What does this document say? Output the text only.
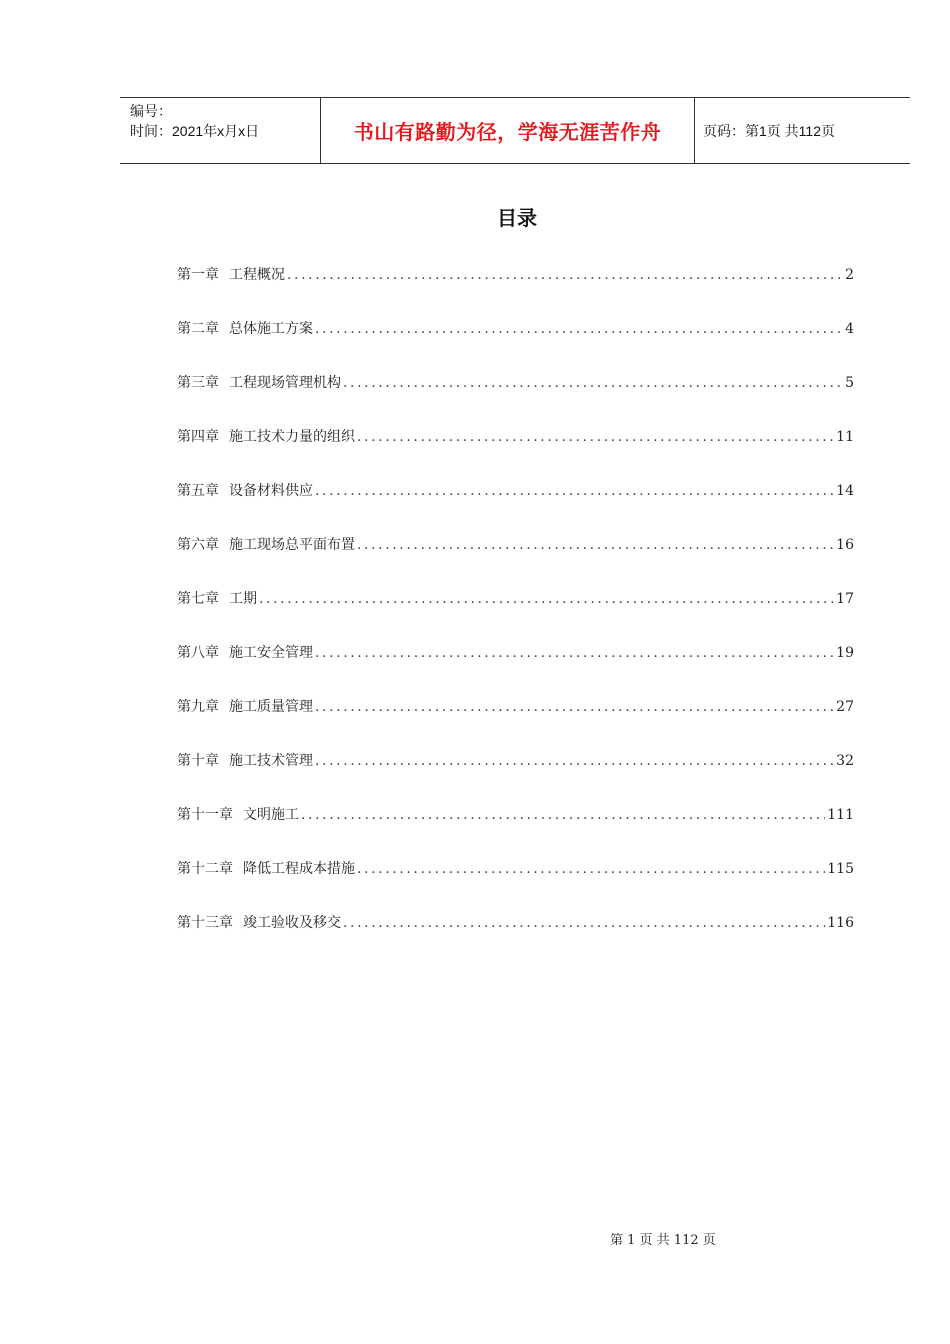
编号：
时间：2021年x月x日	书山有路勤为径，学海无涯苦作舟	页码：第1页 共112页
目录
第一章 工程概况 .....	2
第二章 总体施工方案 .....	4
第三章 工程现场管理机构 .....	5
第四章 施工技术力量的组织 .....	11
第五章 设备材料供应 .....	14
第六章 施工现场总平面布置 .....	16
第七章 工期 .....	17
第八章 施工安全管理 .....	19
第九章 施工质量管理 .....	27
第十章 施工技术管理 .....	32
第十一章 文明施工 .....	111
第十二章 降低工程成本措施 .....	115
第十三章 竣工验收及移交 .....	116
第 1 页 共 112 页
